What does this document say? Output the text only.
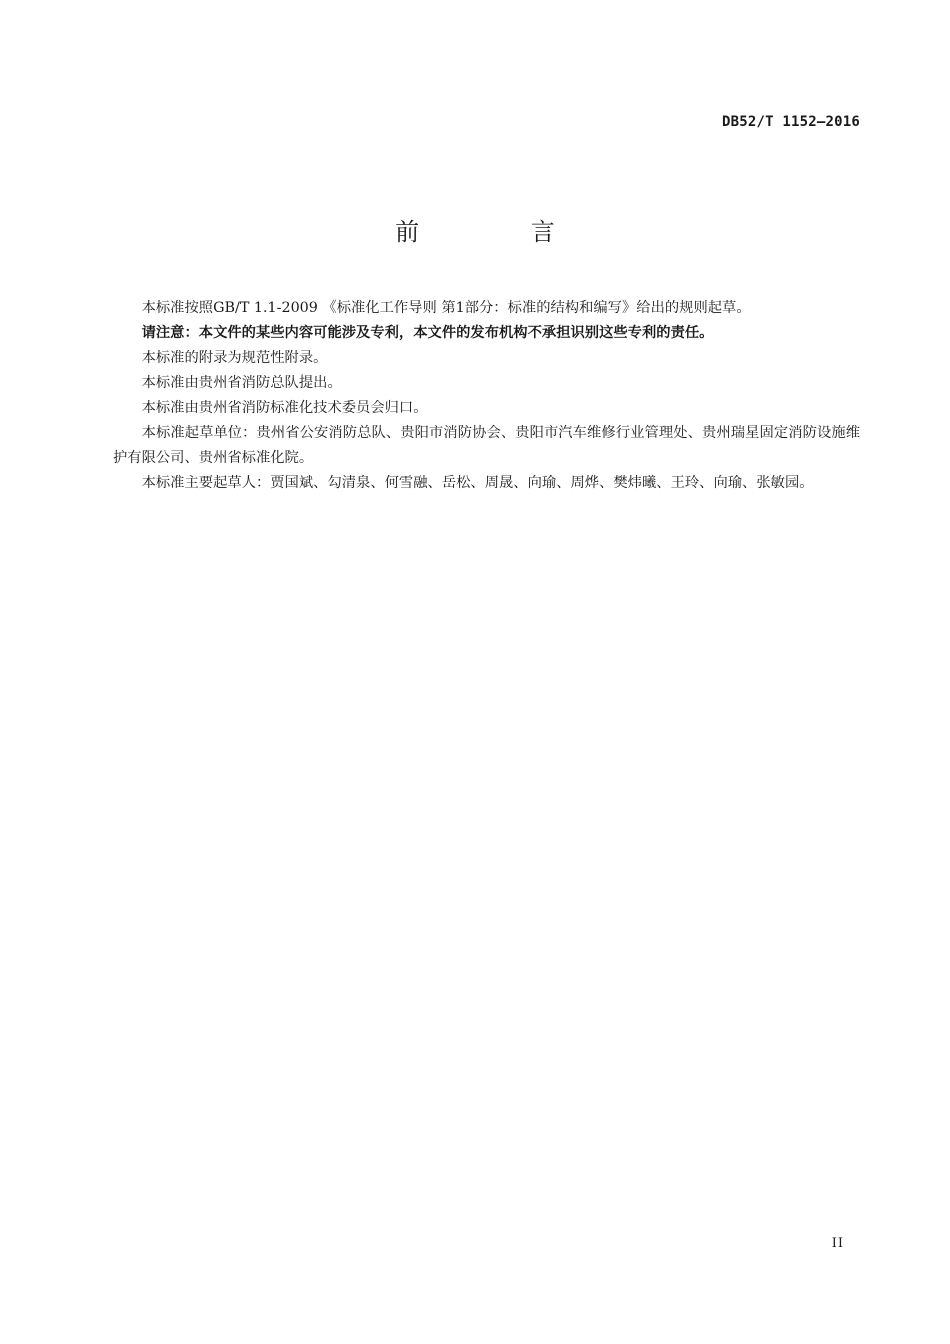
DB52/T 1152—2016
前 言

本标准按照GB/T 1.1-2009 《标准化工作导则 第1部分：标准的结构和编写》给出的规则起草。

请注意：本文件的某些内容可能涉及专利，本文件的发布机构不承担识别这些专利的责任。

本标准的附录为规范性附录。

本标准由贵州省消防总队提出。

本标准由贵州省消防标准化技术委员会归口。

本标准起草单位：贵州省公安消防总队、贵阳市消防协会、贵阳市汽车维修行业管理处、贵州瑞星固定消防设施维护有限公司、贵州省标准化院。

本标准主要起草人：贾国斌、勾清泉、何雪融、岳松、周晟、向瑜、周烨、樊炜曦、王玲、向瑜、张敏园。

II
